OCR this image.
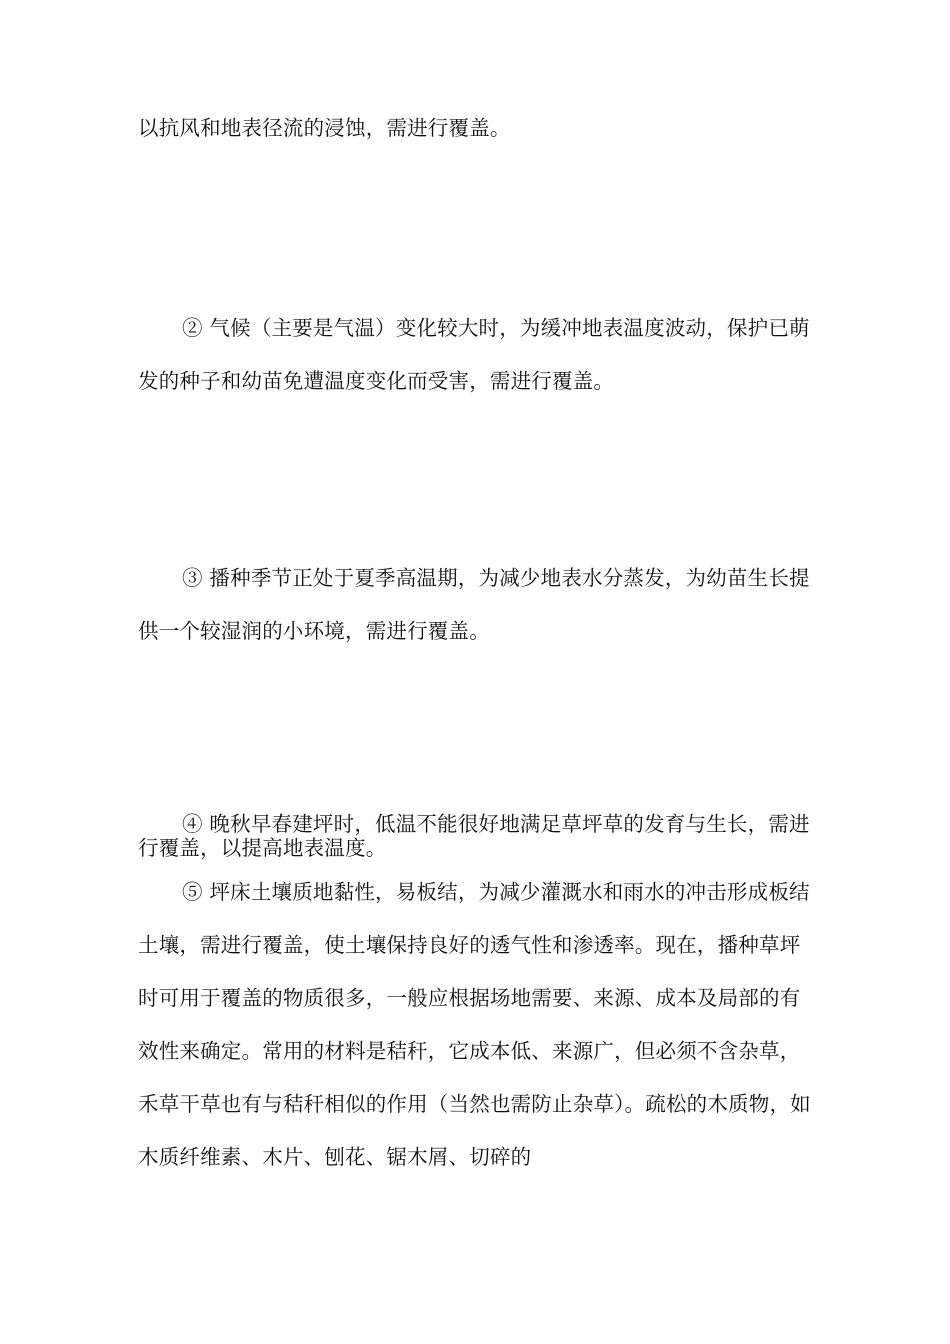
以抗风和地表径流的浸蚀，需进行覆盖。

② 气候（主要是气温）变化较大时，为缓冲地表温度波动，保护已萌发的种子和幼苗免遭温度变化而受害，需进行覆盖。

③ 播种季节正处于夏季高温期，为减少地表水分蒸发，为幼苗生长提供一个较湿润的小环境，需进行覆盖。

④ 晚秋早春建坪时，低温不能很好地满足草坪草的发育与生长，需进行覆盖，以提高地表温度。

⑤ 坪床土壤质地黏性，易板结，为减少灌溉水和雨水的冲击形成板结土壤，需进行覆盖，使土壤保持良好的透气性和渗透率。现在，播种草坪时可用于覆盖的物质很多，一般应根据场地需要、来源、成本及局部的有效性来确定。常用的材料是秸秆，它成本低、来源广，但必须不含杂草，禾草干草也有与秸秆相似的作用（当然也需防止杂草）。疏松的木质物，如木质纤维素、木片、刨花、锯木屑、切碎的
